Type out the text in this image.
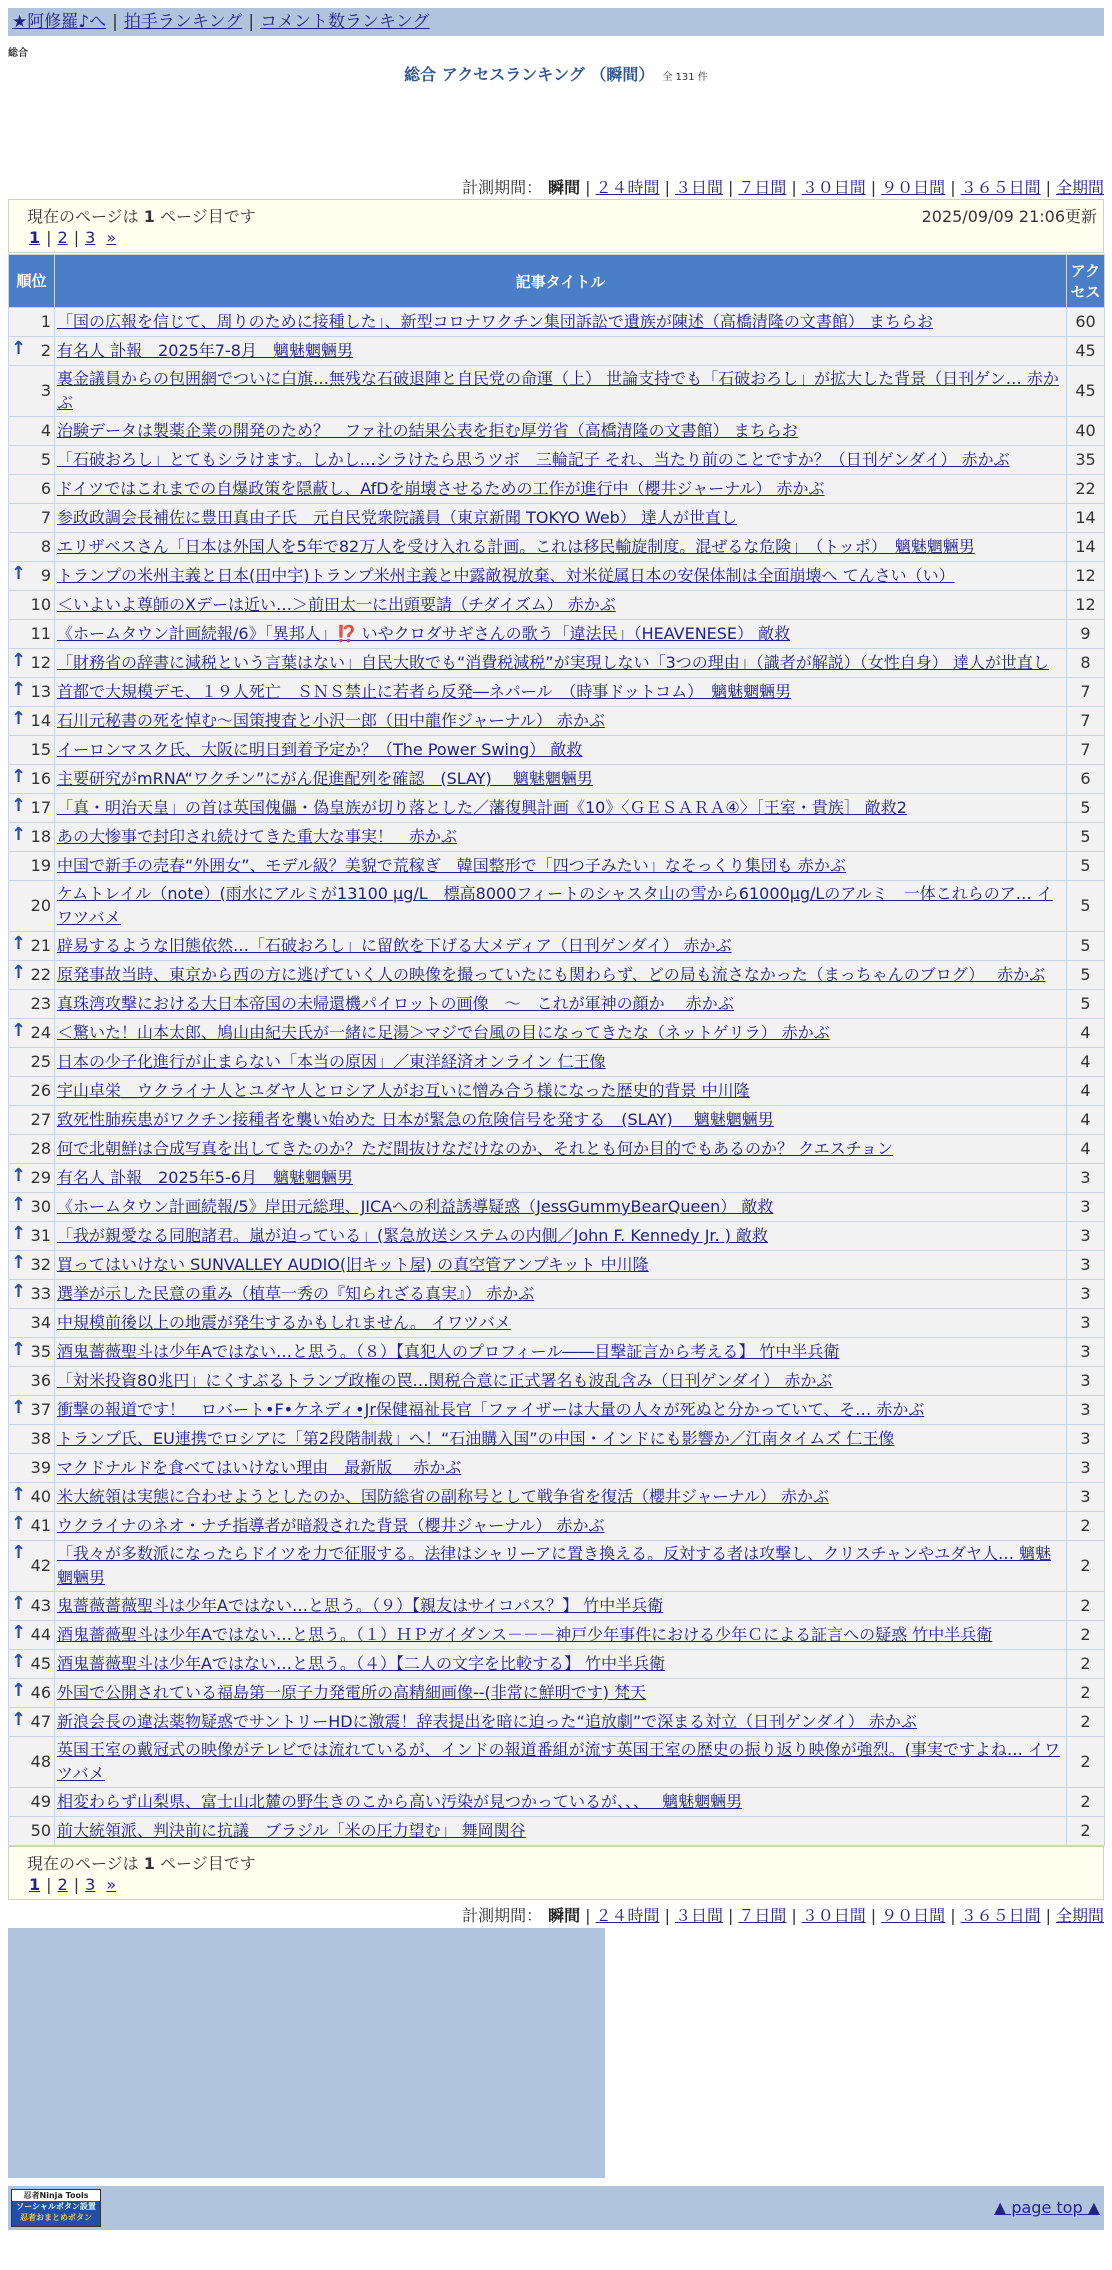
★阿修羅♪へ | 拍手ランキング | コメント数ランキング
総合
総合 アクセスランキング （瞬間） 全 131 件
計測期間： 瞬間 | ２４時間 | ３日間 | ７日間 | ３０日間 | ９０日間 | ３６５日間 | 全期間
現在のページは 1 ページ目です	2025/09/09 21:06更新
1 | 2 | 3 »
順位	記事タイトル	アクセス
1	「国の広報を信じて、周りのために接種した」、新型コロナワクチン集団訴訟で遺族が陳述（高橋清隆の文書館） まちらお	60

↑ 2	有名人 訃報　2025年7-8月　魑魅魍魎男	45
3	裏金議員からの包囲網でついに白旗…無残な石破退陣と自民党の命運（上） 世論支持でも「石破おろし」が拡大した背景（日刊ゲン… 赤かぶ	45
4	治験データは製薬企業の開発のため？　ファ社の結果公表を拒む厚労省（高橋清隆の文書館） まちらお	40
5	「石破おろし」とてもシラけます。しかし…シラけたら思うツボ　三輪記子 それ、当たり前のことですか？（日刊ゲンダイ） 赤かぶ	35
6	ドイツではこれまでの自爆政策を隠蔽し、AfDを崩壊させるための工作が進行中（櫻井ジャーナル） 赤かぶ	22
7	参政政調会長補佐に豊田真由子氏　元自民党衆院議員（東京新聞 TOKYO Web） 達人が世直し	14
8	エリザベスさん「日本は外国人を5年で82万人を受け入れる計画。これは移民輸旋制度。混ぜるな危険」　（トッポ）　魑魅魍魎男	14

↑ 9	トランプの米州主義と日本(田中宇)トランプ米州主義と中露敵視放棄、対米従属日本の安保体制は全面崩壊へ てんさい（い）	12
10	＜いよいよ尊師のXデーは近い…＞前田太一に出頭要請（チダイズム） 赤かぶ	12
11	《ホームタウン計画続報/6》「異邦人」⁉️ いやクロダサギさんの歌う「違法民」（HEAVENESE） 敵救	9

↑ 12	「財務省の辞書に減税という言葉はない」自民大敗でも“消費税減税”が実現しない「3つの理由」（識者が解説）（女性自身） 達人が世直し	8

↑ 13	首都で大規模デモ、１９人死亡　ＳＮＳ禁止に若者ら反発―ネパール　（時事ドットコム）　魑魅魍魎男	7

↑ 14	石川元秘書の死を悼む～国策捜査と小沢一郎（田中龍作ジャーナル） 赤かぶ	7
15	イーロンマスク氏、大阪に明日到着予定か？（The Power Swing） 敵救	7

↑ 16	主要研究がmRNA“ワクチン”にがん促進配列を確認　(SLAY)　 魑魅魍魎男	6

↑ 17	「真・明治天皇」の首は英国傀儡・偽皇族が切り落とした／藩復興計画《10》〈ＧＥＳＡＲＡ④〉［王室・貴族］ 敵救2	5

↑ 18	あの大惨事で封印され続けてきた重大な事実！　赤かぶ	5
19	中国で新手の売春“外囲女”、モデル級？美貌で荒稼ぎ　韓国整形で「四つ子みたい」なそっくり集団も 赤かぶ	5
20	ケムトレイル（note）(雨水にアルミが13100 μg/L　標高8000フィートのシャスタ山の雪から61000μg/Lのアルミ　一体これらのア… イワツバメ	5

↑ 21	辟易するような旧態依然…「石破おろし」に留飲を下げる大メディア（日刊ゲンダイ） 赤かぶ	5

↑ 22	原発事故当時、東京から西の方に逃げていく人の映像を撮っていたにも関わらず、どの局も流さなかった（まっちゃんのブログ）　 赤かぶ	5
23	真珠湾攻撃における大日本帝国の未帰還機パイロットの画像　～　これが軍神の顔か　 赤かぶ	5

↑ 24	＜驚いた！山本太郎、鳩山由紀夫氏が一緒に足湯＞マジで台風の目になってきたな（ネットゲリラ） 赤かぶ	4
25	日本の少子化進行が止まらない「本当の原因」／東洋経済オンライン 仁王像	4
26	宇山卓栄＿ウクライナ人とユダヤ人とロシア人がお互いに憎み合う様になった歴史的背景 中川隆	4
27	致死性肺疾患がワクチン接種者を襲い始めた 日本が緊急の危険信号を発する　(SLAY)　 魑魅魍魎男	4
28	何で北朝鮮は合成写真を出してきたのか？ただ間抜けなだけなのか、それとも何か目的でもあるのか？ クエスチョン	4

↑ 29	有名人 訃報　2025年5-6月　魑魅魍魎男	3

↑ 30	《ホームタウン計画続報/5》岸田元総理、JICAへの利益誘導疑惑（JessGummyBearQueen） 敵救	3

↑ 31	「我が親愛なる同胞諸君。嵐が迫っている」(緊急放送システムの内側／John F. Kennedy Jr. ) 敵救	3

↑ 32	買ってはいけない SUNVALLEY AUDIO(旧キット屋) の真空管アンプキット 中川隆	3

↑ 33	選挙が示した民意の重み（植草一秀の『知られざる真実』） 赤かぶ	3
34	中規模前後以上の地震が発生するかもしれません。 イワツバメ	3

↑ 35	酒鬼薔薇聖斗は少年Aではない…と思う。（８）【真犯人のプロフィール――目撃証言から考える】 竹中半兵衛	3
36	「対米投資80兆円」にくすぶるトランプ政権の罠…関税合意に正式署名も波乱含み（日刊ゲンダイ） 赤かぶ	3

↑ 37	衝撃の報道です！　ロバート•F•ケネディ•Jr保健福祉長官「ファイザーは大量の人々が死ぬと分かっていて、そ… 赤かぶ	3
38	トランプ氏、EU連携でロシアに「第2段階制裁」へ！“石油購入国”の中国・インドにも影響か／江南タイムズ 仁王像	3
39	マクドナルドを食べてはいけない理由　最新版　 赤かぶ	3

↑ 40	米大統領は実態に合わせようとしたのか、国防総省の副称号として戦争省を復活（櫻井ジャーナル） 赤かぶ	3

↑ 41	ウクライナのネオ・ナチ指導者が暗殺された背景（櫻井ジャーナル） 赤かぶ	2

↑
42	「我々が多数派になったらドイツを力で征服する。法律はシャリーアに置き換える。反対する者は攻撃し、クリスチャンやユダヤ人… 魑魅魍魎男	2

↑ 43	鬼薔薇薔薇聖斗は少年Aではない…と思う。（９）【親友はサイコパス？】 竹中半兵衛	2

↑ 44	酒鬼薔薇聖斗は少年Aではない…と思う。（１）ＨＰガイダンス－－－神戸少年事件における少年Ｃによる証言への疑惑 竹中半兵衛	2

↑ 45	酒鬼薔薇聖斗は少年Aではない…と思う。（４）【二人の文字を比較する】 竹中半兵衛	2

↑ 46	外国で公開されている福島第一原子力発電所の高精細画像--(非常に鮮明です) 梵天	2

↑ 47	新浪会長の違法薬物疑惑でサントリーHDに激震！辞表提出を暗に迫った“追放劇”で深まる対立（日刊ゲンダイ） 赤かぶ	2
48	英国王室の戴冠式の映像がテレビでは流れているが、インドの報道番組が流す英国王室の歴史の振り返り映像が強烈。(事実ですよね… イワツバメ	2
49	相変わらず山梨県、富士山北麓の野生きのこから高い汚染が見つかっているが、、、　 魑魅魍魎男	2
50	前大統領派、判決前に抗議　ブラジル「米の圧力望む」 舞岡関谷	2
現在のページは 1 ページ目です
1 | 2 | 3 »
計測期間： 瞬間 | ２４時間 | ３日間 | ７日間 | ３０日間 | ９０日間 | ３６５日間 | 全期間
忍者Ninja Tools
ソーシャルボタン設置
忍者おまとめボタン
▲ page top ▲
